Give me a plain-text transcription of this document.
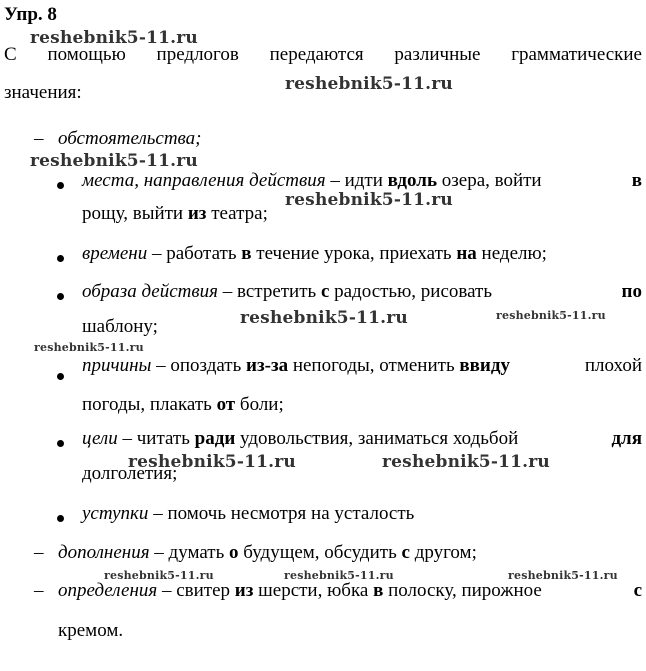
Упр. 8
С помощью предлогов передаются различные грамматические
значения:
– обстоятельства;
места, направления действия – идти вдоль озера, войти	в
рощу, выйти из театра;
времени – работать в течение урока, приехать на неделю;
образа действия – встретить с радостью, рисовать	по
шаблону;
причины – опоздать из-за непогоды, отменить ввиду	плохой
погоды, плакать от боли;
цели – читать ради удовольствия, заниматься ходьбой	для
долголетия;
уступки – помочь несмотря на усталость
– дополнения – думать о будущем, обсудить с другом;
– определения – свитер из шерсти, юбка в полоску, пирожное	с
кремом.
reshebnik5-11.ru
reshebnik5-11.ru
reshebnik5-11.ru
reshebnik5-11.ru
reshebnik5-11.ru	reshebnik5-11.ru
reshebnik5-11.ru
reshebnik5-11.ru	reshebnik5-11.ru
reshebnik5-11.ru	reshebnik5-11.ru	reshebnik5-11.ru
